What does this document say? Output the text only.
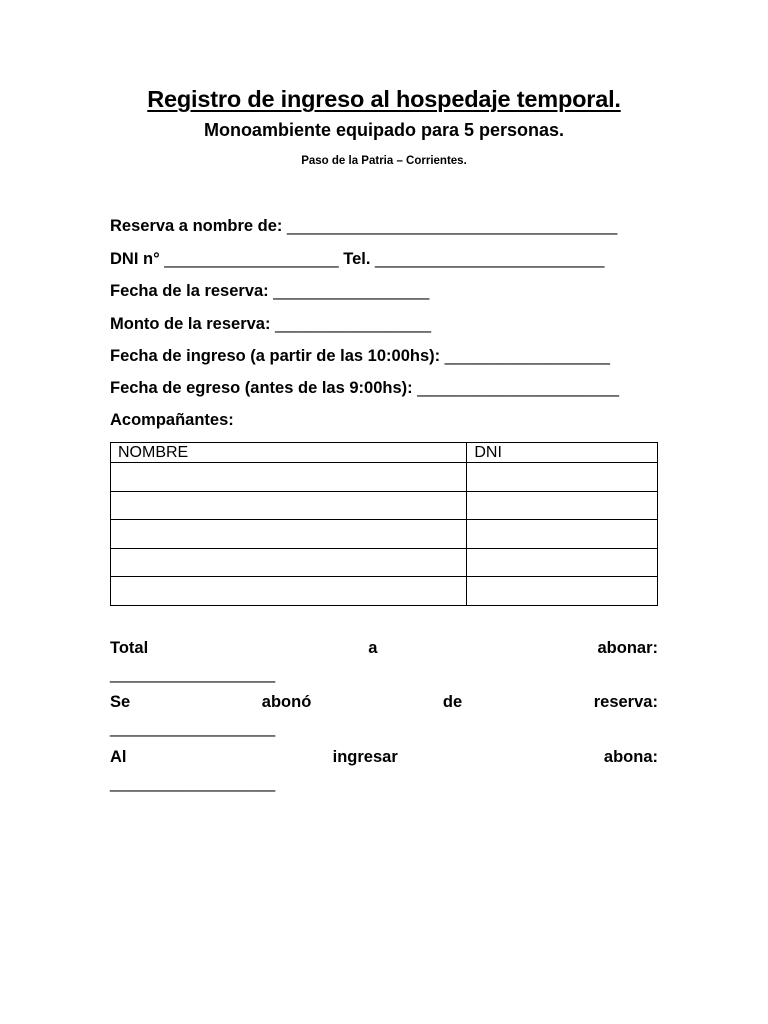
Registro de ingreso al hospedaje temporal.
Monoambiente equipado para 5 personas.
Paso de la Patria – Corrientes.
Reserva a nombre de: ____________________________________
DNI n° ___________________ Tel. _________________________
Fecha de la reserva: _________________
Monto de la reserva: _________________
Fecha de ingreso (a partir de las 10:00hs): __________________
Fecha de egreso (antes de las 9:00hs): ______________________
Acompañantes:
NOMBRE	DNI

Total	a	abonar:
__________________
Se	abonó	de	reserva:
__________________
Al	ingresar	abona:
__________________
